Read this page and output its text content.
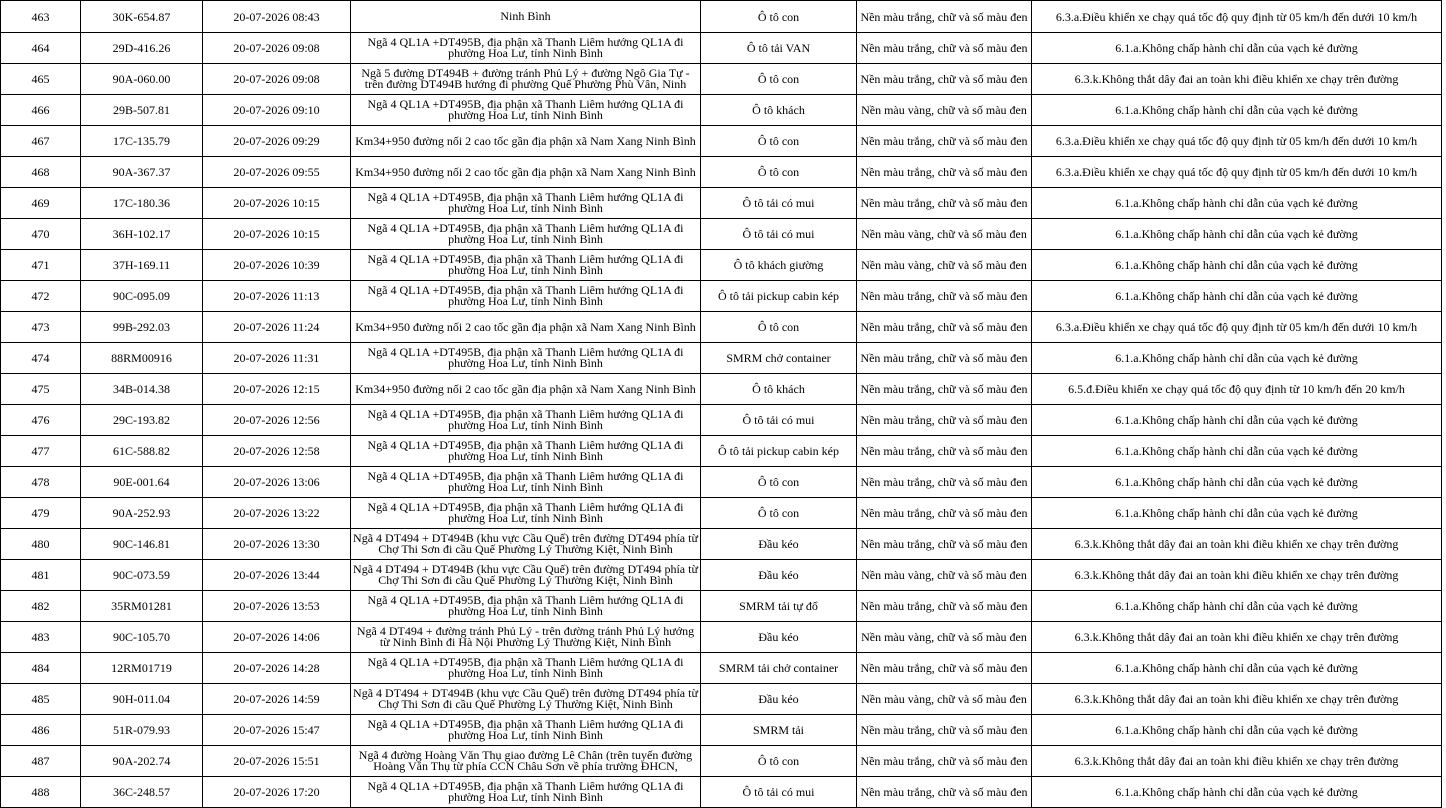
463	30K-654.87	20-07-2026 08:43	Ninh Bình	Ô tô con	Nền màu trắng, chữ và số màu đen	6.3.a.Điều khiển xe chạy quá tốc độ quy định từ 05 km/h đến dưới 10 km/h
464	29D-416.26	20-07-2026 09:08	Ngã 4 QL1A +DT495B, địa phận xã Thanh Liêm hướng QL1A đi phường Hoa Lư, tỉnh Ninh Bình	Ô tô tải VAN	Nền màu trắng, chữ và số màu đen	6.1.a.Không chấp hành chỉ dẫn của vạch kẻ đường
465	90A-060.00	20-07-2026 09:08	Ngã 5 đường DT494B + đường tránh Phủ Lý + đường Ngô Gia Tự - trên đường DT494B hướng đi phường Quế Phường Phù Vân, Ninh	Ô tô con	Nền màu trắng, chữ và số màu đen	6.3.k.Không thắt dây đai an toàn khi điều khiển xe chạy trên đường
466	29B-507.81	20-07-2026 09:10	Ngã 4 QL1A +DT495B, địa phận xã Thanh Liêm hướng QL1A đi phường Hoa Lư, tỉnh Ninh Bình	Ô tô khách	Nền màu vàng, chữ và số màu đen	6.1.a.Không chấp hành chỉ dẫn của vạch kẻ đường
467	17C-135.79	20-07-2026 09:29	Km34+950 đường nối 2 cao tốc gần địa phận xã Nam Xang Ninh Bình	Ô tô con	Nền màu trắng, chữ và số màu đen	6.3.a.Điều khiển xe chạy quá tốc độ quy định từ 05 km/h đến dưới 10 km/h
468	90A-367.37	20-07-2026 09:55	Km34+950 đường nối 2 cao tốc gần địa phận xã Nam Xang Ninh Bình	Ô tô con	Nền màu trắng, chữ và số màu đen	6.3.a.Điều khiển xe chạy quá tốc độ quy định từ 05 km/h đến dưới 10 km/h
469	17C-180.36	20-07-2026 10:15	Ngã 4 QL1A +DT495B, địa phận xã Thanh Liêm hướng QL1A đi phường Hoa Lư, tỉnh Ninh Bình	Ô tô tải có mui	Nền màu trắng, chữ và số màu đen	6.1.a.Không chấp hành chỉ dẫn của vạch kẻ đường
470	36H-102.17	20-07-2026 10:15	Ngã 4 QL1A +DT495B, địa phận xã Thanh Liêm hướng QL1A đi phường Hoa Lư, tỉnh Ninh Bình	Ô tô tải có mui	Nền màu vàng, chữ và số màu đen	6.1.a.Không chấp hành chỉ dẫn của vạch kẻ đường
471	37H-169.11	20-07-2026 10:39	Ngã 4 QL1A +DT495B, địa phận xã Thanh Liêm hướng QL1A đi phường Hoa Lư, tỉnh Ninh Bình	Ô tô khách giường	Nền màu vàng, chữ và số màu đen	6.1.a.Không chấp hành chỉ dẫn của vạch kẻ đường
472	90C-095.09	20-07-2026 11:13	Ngã 4 QL1A +DT495B, địa phận xã Thanh Liêm hướng QL1A đi phường Hoa Lư, tỉnh Ninh Bình	Ô tô tải pickup cabin kép	Nền màu trắng, chữ và số màu đen	6.1.a.Không chấp hành chỉ dẫn của vạch kẻ đường
473	99B-292.03	20-07-2026 11:24	Km34+950 đường nối 2 cao tốc gần địa phận xã Nam Xang Ninh Bình	Ô tô con	Nền màu trắng, chữ và số màu đen	6.3.a.Điều khiển xe chạy quá tốc độ quy định từ 05 km/h đến dưới 10 km/h
474	88RM00916	20-07-2026 11:31	Ngã 4 QL1A +DT495B, địa phận xã Thanh Liêm hướng QL1A đi phường Hoa Lư, tỉnh Ninh Bình	SMRM chở container	Nền màu trắng, chữ và số màu đen	6.1.a.Không chấp hành chỉ dẫn của vạch kẻ đường
475	34B-014.38	20-07-2026 12:15	Km34+950 đường nối 2 cao tốc gần địa phận xã Nam Xang Ninh Bình	Ô tô khách	Nền màu trắng, chữ và số màu đen	6.5.đ.Điều khiển xe chạy quá tốc độ quy định từ 10 km/h đến 20 km/h
476	29C-193.82	20-07-2026 12:56	Ngã 4 QL1A +DT495B, địa phận xã Thanh Liêm hướng QL1A đi phường Hoa Lư, tỉnh Ninh Bình	Ô tô tải có mui	Nền màu trắng, chữ và số màu đen	6.1.a.Không chấp hành chỉ dẫn của vạch kẻ đường
477	61C-588.82	20-07-2026 12:58	Ngã 4 QL1A +DT495B, địa phận xã Thanh Liêm hướng QL1A đi phường Hoa Lư, tỉnh Ninh Bình	Ô tô tải pickup cabin kép	Nền màu trắng, chữ và số màu đen	6.1.a.Không chấp hành chỉ dẫn của vạch kẻ đường
478	90E-001.64	20-07-2026 13:06	Ngã 4 QL1A +DT495B, địa phận xã Thanh Liêm hướng QL1A đi phường Hoa Lư, tỉnh Ninh Bình	Ô tô con	Nền màu trắng, chữ và số màu đen	6.1.a.Không chấp hành chỉ dẫn của vạch kẻ đường
479	90A-252.93	20-07-2026 13:22	Ngã 4 QL1A +DT495B, địa phận xã Thanh Liêm hướng QL1A đi phường Hoa Lư, tỉnh Ninh Bình	Ô tô con	Nền màu trắng, chữ và số màu đen	6.1.a.Không chấp hành chỉ dẫn của vạch kẻ đường
480	90C-146.81	20-07-2026 13:30	Ngã 4 DT494 + DT494B (khu vực Cầu Quế) trên đường DT494 phía từ Chợ Thi Sơn đi cầu Quế Phường Lý Thường Kiệt, Ninh Bình	Đầu kéo	Nền màu trắng, chữ và số màu đen	6.3.k.Không thắt dây đai an toàn khi điều khiển xe chạy trên đường
481	90C-073.59	20-07-2026 13:44	Ngã 4 DT494 + DT494B (khu vực Cầu Quế) trên đường DT494 phía từ Chợ Thi Sơn đi cầu Quế Phường Lý Thường Kiệt, Ninh Bình	Đầu kéo	Nền màu vàng, chữ và số màu đen	6.3.k.Không thắt dây đai an toàn khi điều khiển xe chạy trên đường
482	35RM01281	20-07-2026 13:53	Ngã 4 QL1A +DT495B, địa phận xã Thanh Liêm hướng QL1A đi phường Hoa Lư, tỉnh Ninh Bình	SMRM tải tự đổ	Nền màu trắng, chữ và số màu đen	6.1.a.Không chấp hành chỉ dẫn của vạch kẻ đường
483	90C-105.70	20-07-2026 14:06	Ngã 4 DT494 + đường tránh Phủ Lý - trên đường tránh Phủ Lý hướng từ Ninh Bình đi Hà Nội Phường Lý Thường Kiệt, Ninh Bình	Đầu kéo	Nền màu vàng, chữ và số màu đen	6.3.k.Không thắt dây đai an toàn khi điều khiển xe chạy trên đường
484	12RM01719	20-07-2026 14:28	Ngã 4 QL1A +DT495B, địa phận xã Thanh Liêm hướng QL1A đi phường Hoa Lư, tỉnh Ninh Bình	SMRM tải chở container	Nền màu trắng, chữ và số màu đen	6.1.a.Không chấp hành chỉ dẫn của vạch kẻ đường
485	90H-011.04	20-07-2026 14:59	Ngã 4 DT494 + DT494B (khu vực Cầu Quế) trên đường DT494 phía từ Chợ Thi Sơn đi cầu Quế Phường Lý Thường Kiệt, Ninh Bình	Đầu kéo	Nền màu vàng, chữ và số màu đen	6.3.k.Không thắt dây đai an toàn khi điều khiển xe chạy trên đường
486	51R-079.93	20-07-2026 15:47	Ngã 4 QL1A +DT495B, địa phận xã Thanh Liêm hướng QL1A đi phường Hoa Lư, tỉnh Ninh Bình	SMRM tải	Nền màu trắng, chữ và số màu đen	6.1.a.Không chấp hành chỉ dẫn của vạch kẻ đường
487	90A-202.74	20-07-2026 15:51	Ngã 4 đường Hoàng Văn Thụ giao đường Lê Chân (trên tuyến đường Hoàng Văn Thụ từ phía CCN Châu Sơn về phía trường ĐHCN,	Ô tô con	Nền màu trắng, chữ và số màu đen	6.3.k.Không thắt dây đai an toàn khi điều khiển xe chạy trên đường
488	36C-248.57	20-07-2026 17:20	Ngã 4 QL1A +DT495B, địa phận xã Thanh Liêm hướng QL1A đi phường Hoa Lư, tỉnh Ninh Bình	Ô tô tải có mui	Nền màu trắng, chữ và số màu đen	6.1.a.Không chấp hành chỉ dẫn của vạch kẻ đường
